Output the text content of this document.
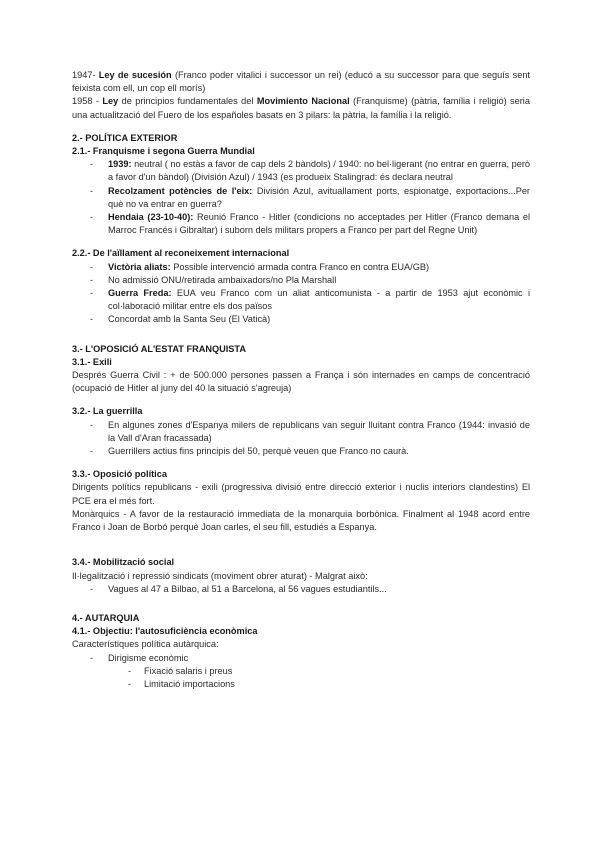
1947- Ley de sucesión (Franco poder vitalici i successor un rei) (educó a su successor para que seguís sent feixista com ell, un cop ell morís)

1958 - Ley de principios fundamentales del Movimiento Nacional (Franquisme) (pàtria, família i religió) seria una actualització del Fuero de los españoles basats en 3 pilars: la pàtria, la família i la religió.

2.- POLÍTICA EXTERIOR
2.1.- Franquisme i segona Guerra Mundial
- 1939: neutral ( no estàs a favor de cap dels 2 bàndols) / 1940: no bel·ligerant (no entrar en guerra, però a favor d'un bàndol) (División Azul) / 1943 (es produeix Stalingrad: és declara neutral
- Recolzament potències de l'eix: División Azul, avituallament ports, espionatge, exportacions...Per què no va entrar en guerra?
- Hendaia (23-10-40): Reunió Franco - Hitler (condicions no acceptades per Hitler (Franco demana el Marroc Francés i Gibraltar) i suborn dels militars propers a Franco per part del Regne Unit)
2.2.- De l'aïllament al reconeixement internacional
- Victòria aliats: Possible intervenció armada contra Franco en contra EUA/GB)
- No admissió ONU/retirada ambaixadors/no Pla Marshall
- Guerra Freda: EUA veu Franco com un aliat anticomunista - a partir de 1953 ajut econòmic i col·laboració militar entre els dos països
- Concordat amb la Santa Seu (El Vaticà)
3.- L'OPOSICIÓ AL'ESTAT FRANQUISTA
3.1.- Exili

Després Guerra Civil : + de 500.000 persones passen a França i són internades en camps de concentració (ocupació de Hitler al juny del 40 la situació s'agreuja)

3.2.- La guerrilla
- En algunes zones d'Espanya milers de republicans van seguir lluitant contra Franco (1944: invasió de la Vall d'Aran fracassada)
- Guerrillers actius fins principis del 50, perquè veuen que Franco no caurà.
3.3.- Oposició política

Dirigents polítics republicans - exili (progressiva divisió entre direcció exterior i nuclis interiors clandestins) El PCE era el més fort.

Monàrquics - A favor de la restauració immediata de la monarquia borbònica. Finalment al 1948 acord entre Franco i Joan de Borbó perquè Joan carles, el seu fill, estudiés a Espanya.

3.4.- Mobilització social

Il·legalització i repressió sindicats (moviment obrer aturat) - Malgrat això:

- Vagues al 47 a Bilbao, al 51 a Barcelona, al 56 vagues estudiantils...
4.- AUTARQUIA
4.1.- Objectiu: l'autosuficiència econòmica

Característiques política autàrquica:

- Dirigisme econòmic
- Fixació salaris i preus
- Limitació importacions
